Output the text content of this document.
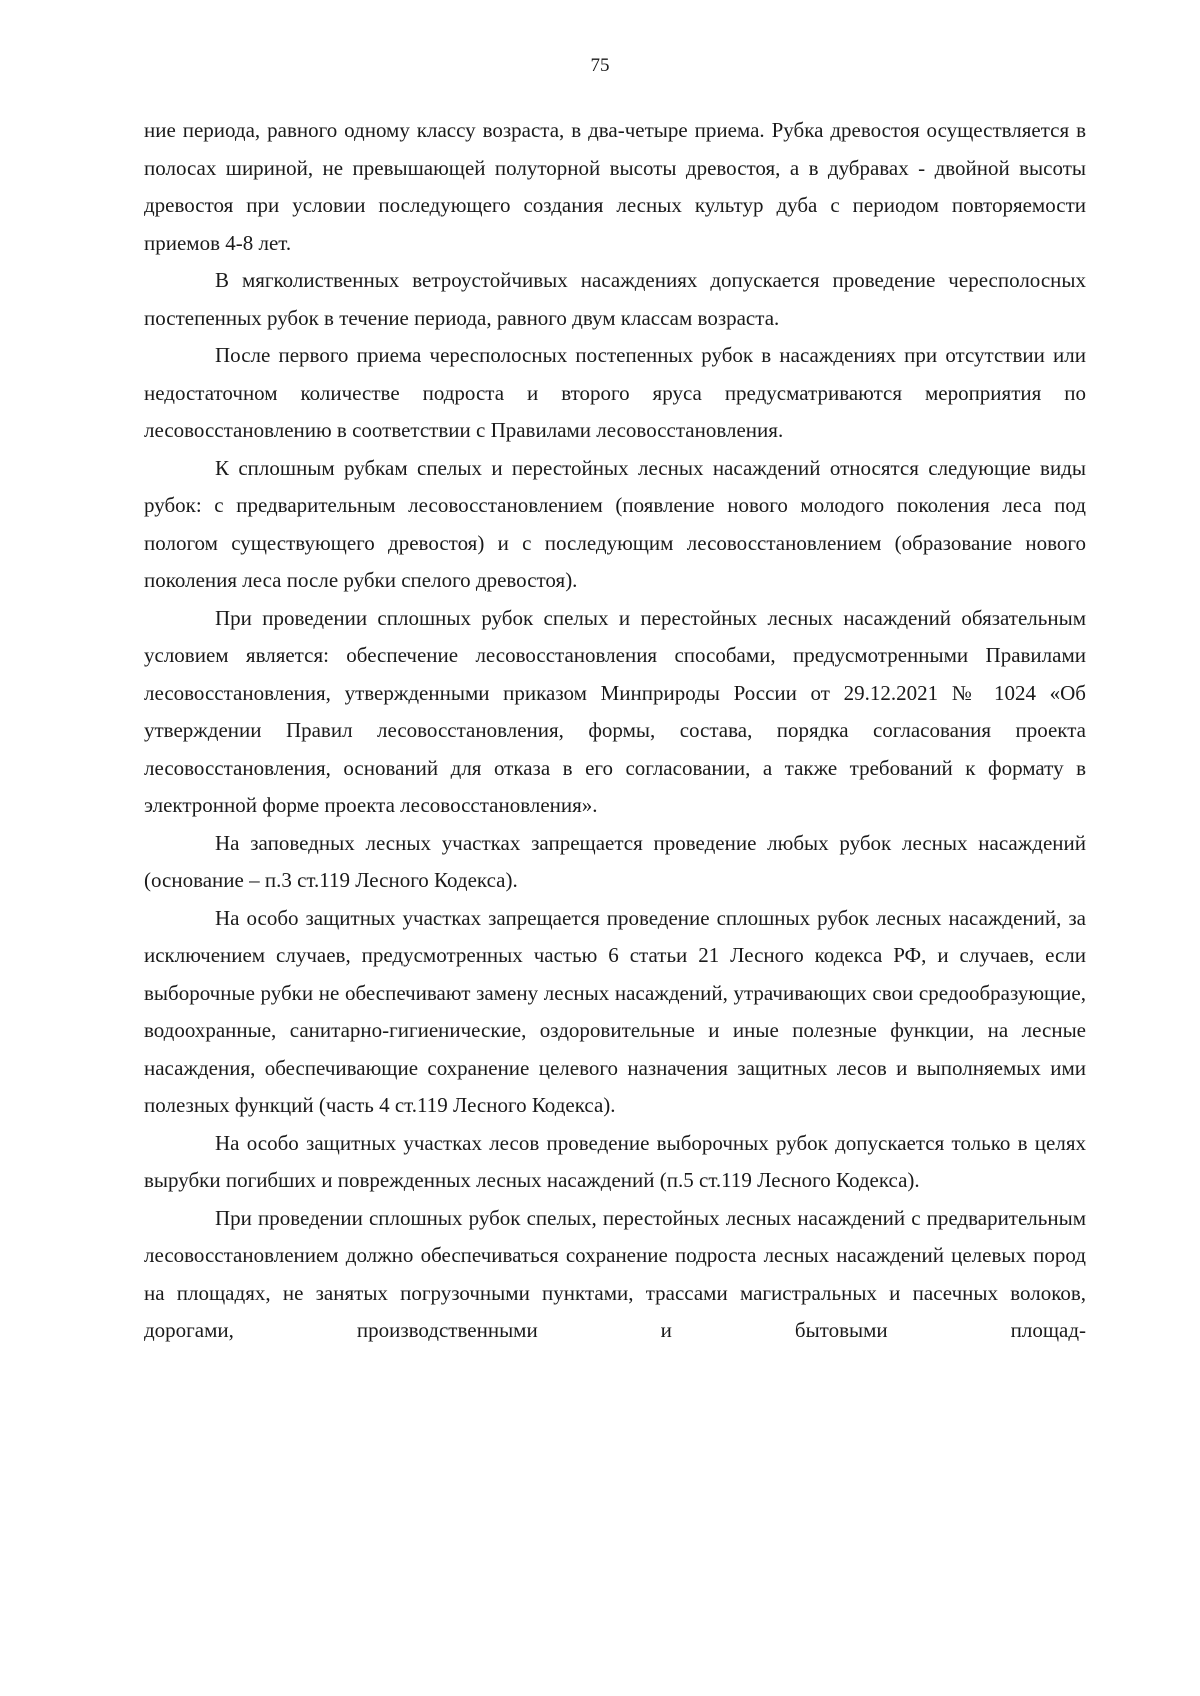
75

ние периода, равного одному классу возраста, в два-четыре приема. Рубка древостоя осуществляется в полосах шириной, не превышающей полуторной высоты древостоя, а в дубравах - двойной высоты древостоя при условии последующего создания лесных культур дуба с периодом повторяемости приемов 4-8 лет.

В мягколиственных ветроустойчивых насаждениях допускается проведение чересполосных постепенных рубок в течение периода, равного двум классам возраста.

После первого приема чересполосных постепенных рубок в насаждениях при отсутствии или недостаточном количестве подроста и второго яруса предусматриваются мероприятия по лесовосстановлению в соответствии с Правилами лесовосстановления.

К сплошным рубкам спелых и перестойных лесных насаждений относятся следующие виды рубок: с предварительным лесовосстановлением (появление нового молодого поколения леса под пологом существующего древостоя) и с последующим лесовосстановлением (образование нового поколения леса после рубки спелого древостоя).

При проведении сплошных рубок спелых и перестойных лесных насаждений обязательным условием является: обеспечение лесовосстановления способами, предусмотренными Правилами лесовосстановления, утвержденными приказом Минприроды России от 29.12.2021 № 1024 «Об утверждении Правил лесовосстановления, формы, состава, порядка согласования проекта лесовосстановления, оснований для отказа в его согласовании, а также требований к формату в электронной форме проекта лесовосстановления».

На заповедных лесных участках запрещается проведение любых рубок лесных насаждений (основание – п.3 ст.119 Лесного Кодекса).

На особо защитных участках запрещается проведение сплошных рубок лесных насаждений, за исключением случаев, предусмотренных частью 6 статьи 21 Лесного кодекса РФ, и случаев, если выборочные рубки не обеспечивают замену лесных насаждений, утрачивающих свои средообразующие, водоохранные, санитарно-гигиенические, оздоровительные и иные полезные функции, на лесные насаждения, обеспечивающие сохранение целевого назначения защитных лесов и выполняемых ими полезных функций (часть 4 ст.119 Лесного Кодекса).

На особо защитных участках лесов проведение выборочных рубок допускается только в целях вырубки погибших и поврежденных лесных насаждений (п.5 ст.119 Лесного Кодекса).

При проведении сплошных рубок спелых, перестойных лесных насаждений с предварительным лесовосстановлением должно обеспечиваться сохранение подроста лесных насаждений целевых пород на площадях, не занятых погрузочными пунктами, трассами магистральных и пасечных волоков, дорогами, производственными и бытовыми площад-
